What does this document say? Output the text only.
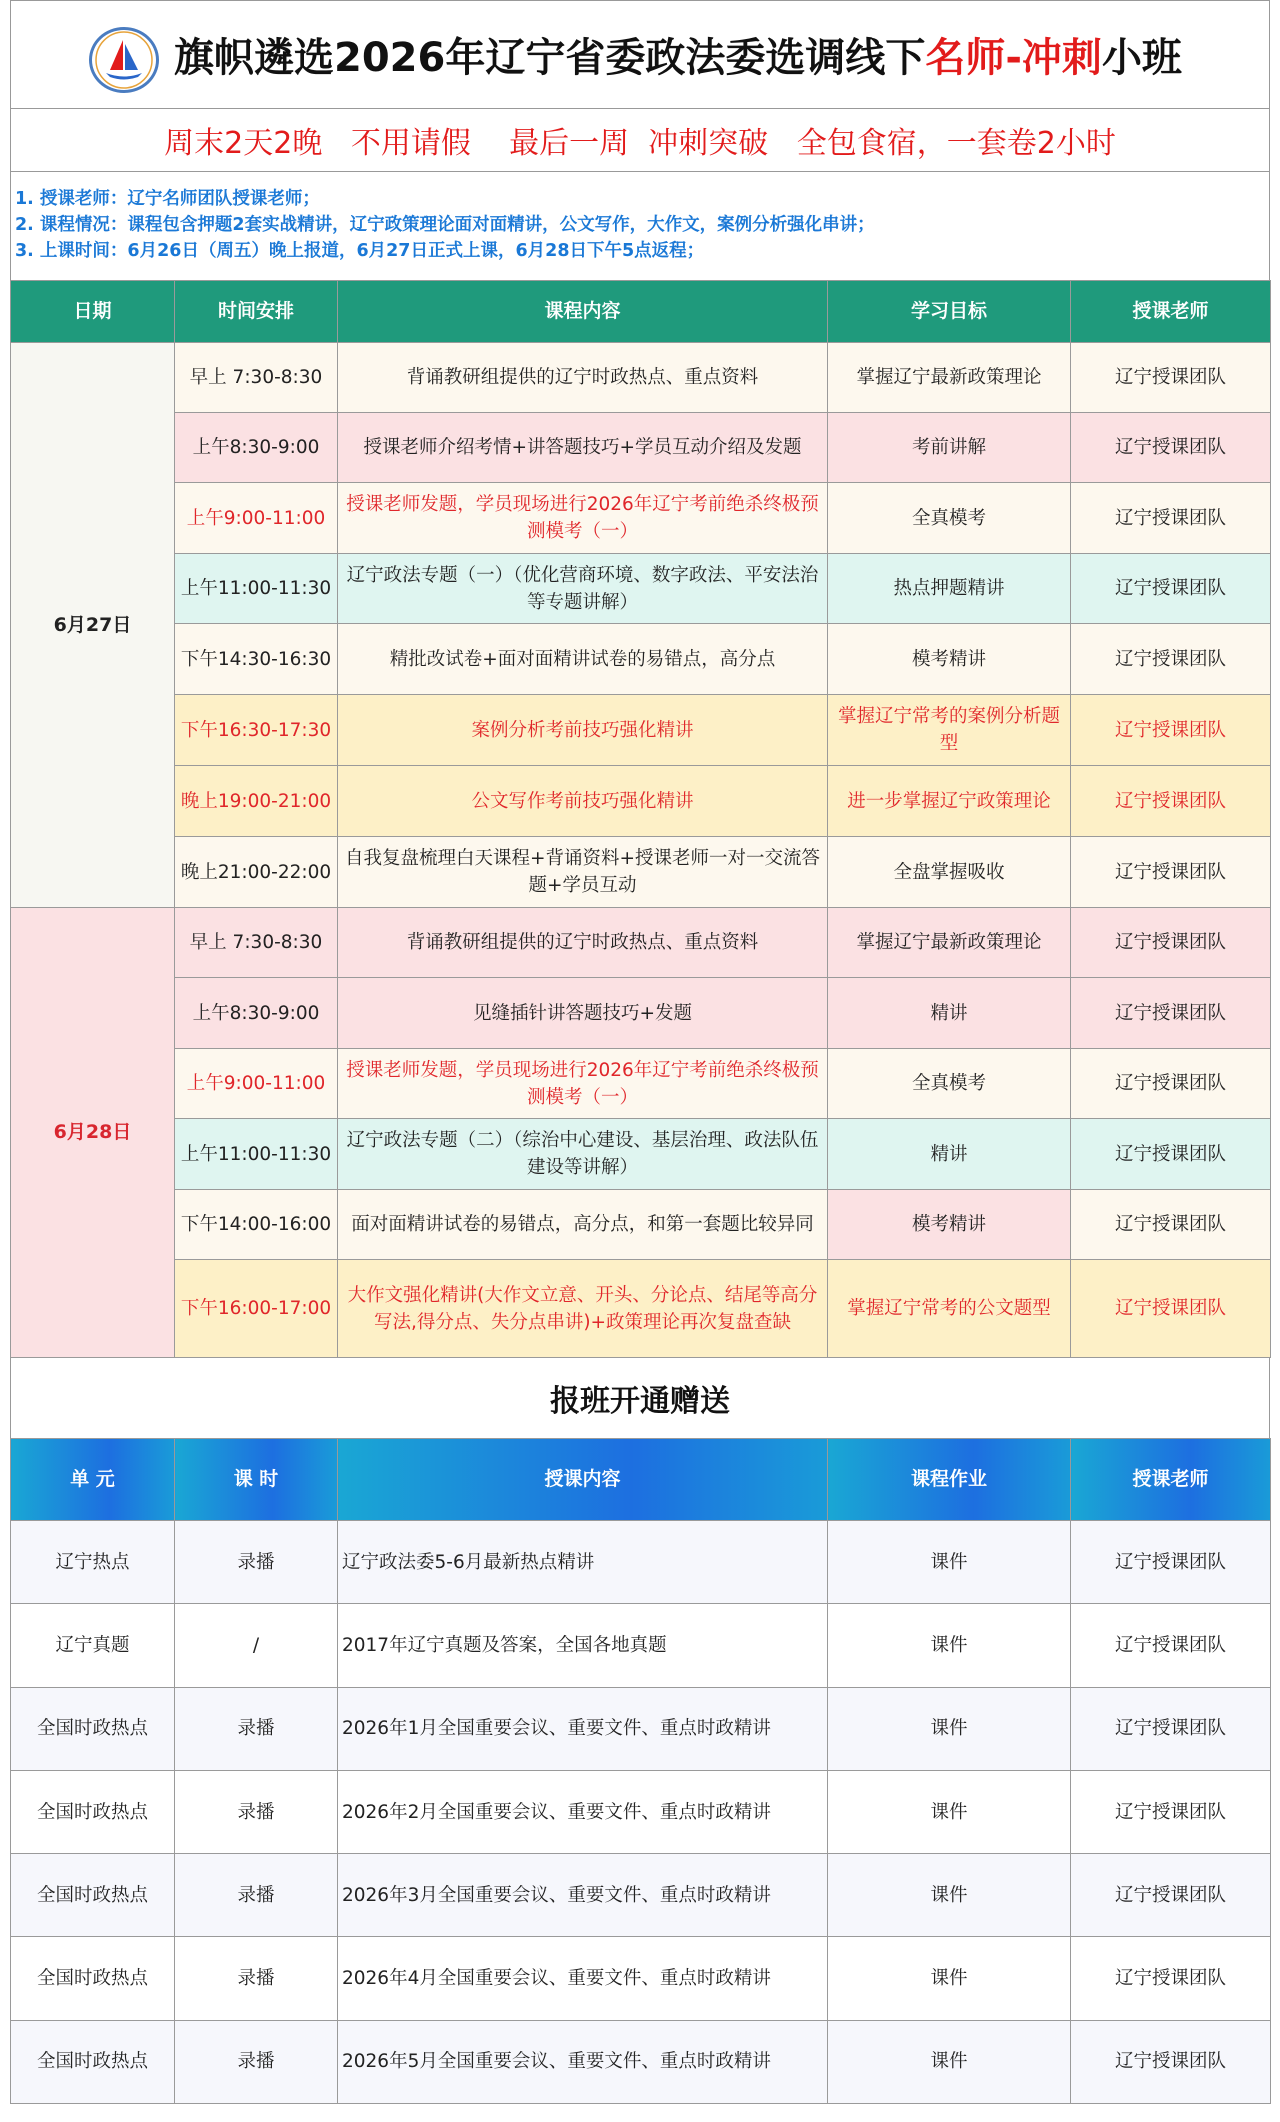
旗帜遴选2026年辽宁省委政法委选调线下名师-冲刺小班
周末2天2晚   不用请假    最后一周  冲刺突破   全包食宿，一套卷2小时
1. 授课老师：辽宁名师团队授课老师；
2. 课程情况：课程包含押题2套实战精讲，辽宁政策理论面对面精讲，公文写作，大作文，案例分析强化串讲；
3. 上课时间：6月26日（周五）晚上报道，6月27日正式上课，6月28日下午5点返程；
日期	时间安排	课程内容	学习目标	授课老师
6月27日	早上 7:30-8:30	背诵教研组提供的辽宁时政热点、重点资料	掌握辽宁最新政策理论	辽宁授课团队
	上午8:30-9:00	授课老师介绍考情+讲答题技巧+学员互动介绍及发题	考前讲解	辽宁授课团队
	上午9:00-11:00	授课老师发题，学员现场进行2026年辽宁考前绝杀终极预测模考（一）	全真模考	辽宁授课团队
	上午11:00-11:30	辽宁政法专题（一）（优化营商环境、数字政法、平安法治等专题讲解）	热点押题精讲	辽宁授课团队
	下午14:30-16:30	精批改试卷+面对面精讲试卷的易错点，高分点	模考精讲	辽宁授课团队
	下午16:30-17:30	案例分析考前技巧强化精讲	掌握辽宁常考的案例分析题型	辽宁授课团队
	晚上19:00-21:00	公文写作考前技巧强化精讲	进一步掌握辽宁政策理论	辽宁授课团队
	晚上21:00-22:00	自我复盘梳理白天课程+背诵资料+授课老师一对一交流答题+学员互动	全盘掌握吸收	辽宁授课团队
6月28日	早上 7:30-8:30	背诵教研组提供的辽宁时政热点、重点资料	掌握辽宁最新政策理论	辽宁授课团队
	上午8:30-9:00	见缝插针讲答题技巧+发题	精讲	辽宁授课团队
	上午9:00-11:00	授课老师发题，学员现场进行2026年辽宁考前绝杀终极预测模考（一）	全真模考	辽宁授课团队
	上午11:00-11:30	辽宁政法专题（二）（综治中心建设、基层治理、政法队伍建设等讲解）	精讲	辽宁授课团队
	下午14:00-16:00	面对面精讲试卷的易错点，高分点，和第一套题比较异同	模考精讲	辽宁授课团队
	下午16:00-17:00	大作文强化精讲(大作文立意、开头、分论点、结尾等高分写法,得分点、失分点串讲)+政策理论再次复盘查缺	掌握辽宁常考的公文题型	辽宁授课团队
报班开通赠送
单 元	课 时	授课内容	课程作业	授课老师
辽宁热点	录播	辽宁政法委5-6月最新热点精讲	课件	辽宁授课团队
辽宁真题	/	2017年辽宁真题及答案，全国各地真题	课件	辽宁授课团队
全国时政热点	录播	2026年1月全国重要会议、重要文件、重点时政精讲	课件	辽宁授课团队
全国时政热点	录播	2026年2月全国重要会议、重要文件、重点时政精讲	课件	辽宁授课团队
全国时政热点	录播	2026年3月全国重要会议、重要文件、重点时政精讲	课件	辽宁授课团队
全国时政热点	录播	2026年4月全国重要会议、重要文件、重点时政精讲	课件	辽宁授课团队
全国时政热点	录播	2026年5月全国重要会议、重要文件、重点时政精讲	课件	辽宁授课团队
